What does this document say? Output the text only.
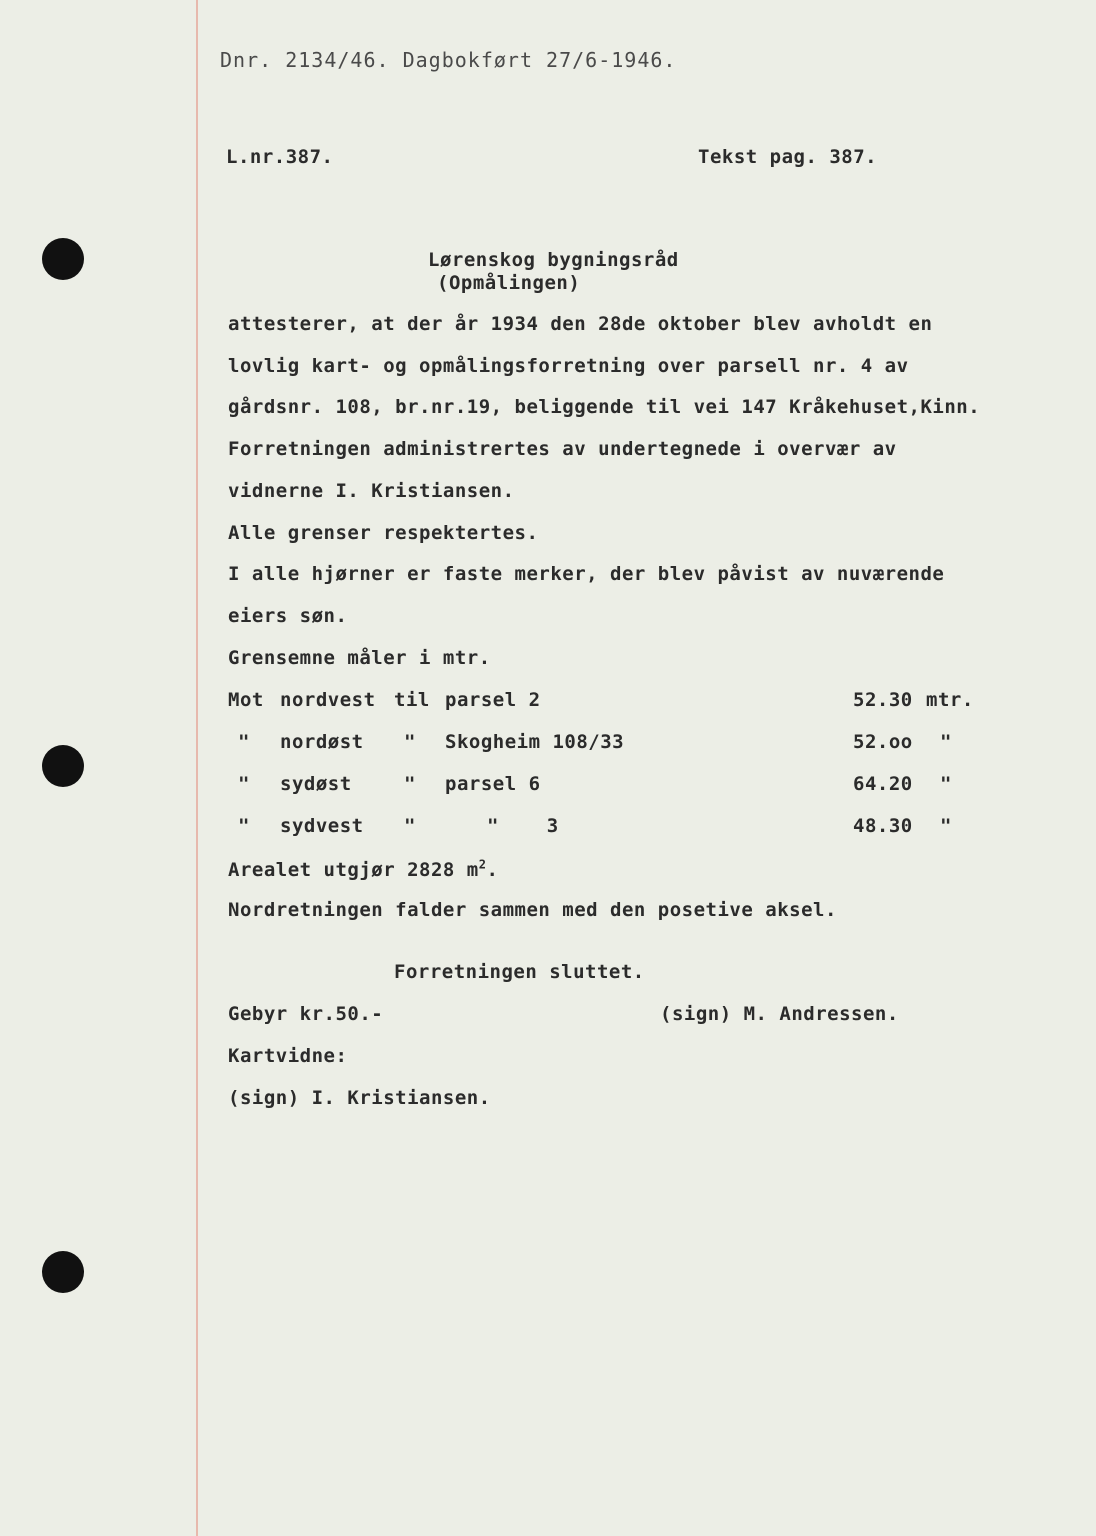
Dnr. 2134/46. Dagbokført 27/6-1946.
L.nr.387.	Tekst pag. 387.
Lørenskog bygningsråd
(Opmålingen)
attesterer, at der år 1934 den 28de oktober blev avholdt en
lovlig kart- og opmålingsforretning over parsell nr. 4 av
gårdsnr. 108, br.nr.19, beliggende til vei 147 Kråkehuset,Kinn.
Forretningen administrertes av undertegnede i overvær av
vidnerne I. Kristiansen.
Alle grenser respektertes.
I alle hjørner er faste merker, der blev påvist av nuværende
eiers søn.
Grensemne måler i mtr.
Mot nordvest til parsel 2	52.30 mtr.
" nordøst " Skogheim 108/33	52.oo "
" sydøst	" parsel 6	64.20 "
" sydvest "	"    3	48.30 "
Arealet utgjør 2828 $m^2$.
Nordretningen falder sammen med den posetive aksel.
Forretningen sluttet.
Gebyr kr.50.-	(sign) M. Andressen.
Kartvidne:
(sign) I. Kristiansen.
